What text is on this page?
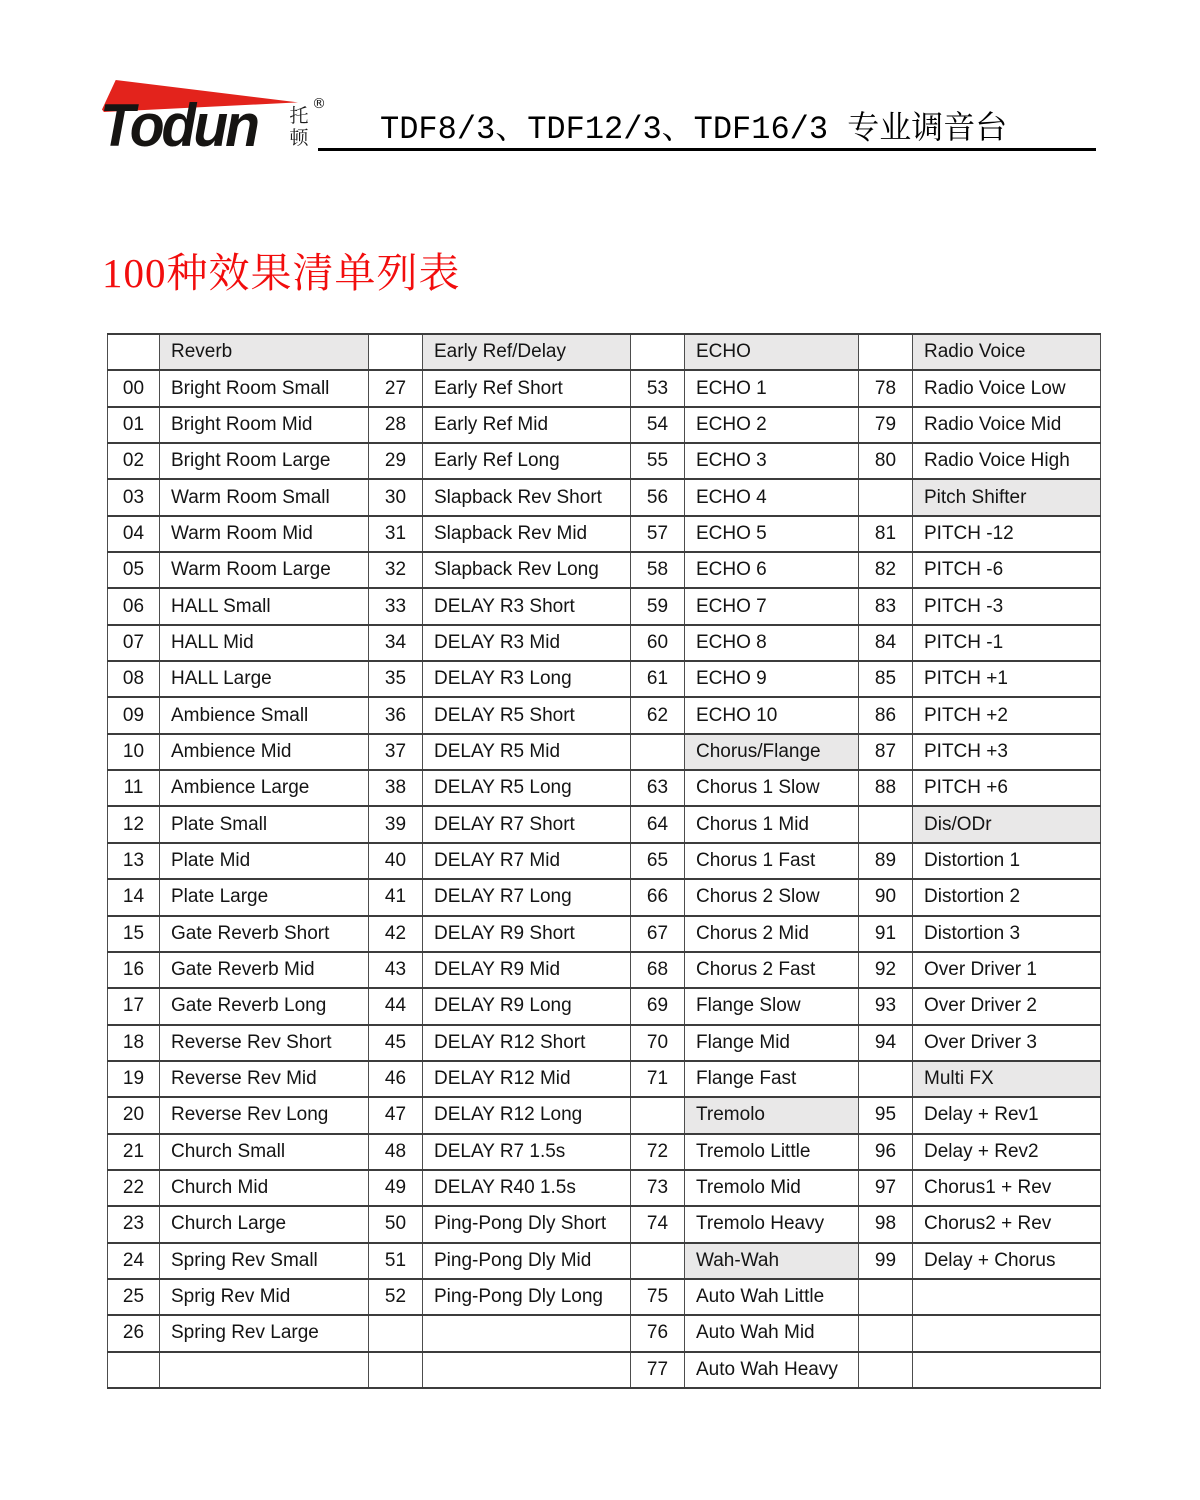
Todun 托
顿
®
TDF8/3、TDF12/3、TDF16/3 专业调音台
100种效果清单列表
	Reverb		Early Ref/Delay		ECHO		Radio Voice
00	Bright Room Small	27	Early Ref Short	53	ECHO 1	78	Radio Voice Low
01	Bright Room Mid	28	Early Ref Mid	54	ECHO 2	79	Radio Voice Mid
02	Bright Room Large	29	Early Ref Long	55	ECHO 3	80	Radio Voice High
03	Warm Room Small	30	Slapback Rev Short	56	ECHO 4		Pitch Shifter
04	Warm Room Mid	31	Slapback Rev Mid	57	ECHO 5	81	PITCH -12
05	Warm Room Large	32	Slapback Rev Long	58	ECHO 6	82	PITCH -6
06	HALL Small	33	DELAY R3 Short	59	ECHO 7	83	PITCH -3
07	HALL Mid	34	DELAY R3 Mid	60	ECHO 8	84	PITCH -1
08	HALL Large	35	DELAY R3 Long	61	ECHO 9	85	PITCH +1
09	Ambience Small	36	DELAY R5 Short	62	ECHO 10	86	PITCH +2
10	Ambience Mid	37	DELAY R5 Mid		Chorus/Flange	87	PITCH +3
11	Ambience Large	38	DELAY R5 Long	63	Chorus 1 Slow	88	PITCH +6
12	Plate Small	39	DELAY R7 Short	64	Chorus 1 Mid		Dis/ODr
13	Plate Mid	40	DELAY R7 Mid	65	Chorus 1 Fast	89	Distortion 1
14	Plate Large	41	DELAY R7 Long	66	Chorus 2 Slow	90	Distortion 2
15	Gate Reverb Short	42	DELAY R9 Short	67	Chorus 2 Mid	91	Distortion 3
16	Gate Reverb Mid	43	DELAY R9 Mid	68	Chorus 2 Fast	92	Over Driver 1
17	Gate Reverb Long	44	DELAY R9 Long	69	Flange Slow	93	Over Driver 2
18	Reverse Rev Short	45	DELAY R12 Short	70	Flange Mid	94	Over Driver 3
19	Reverse Rev Mid	46	DELAY R12 Mid	71	Flange Fast		Multi FX
20	Reverse Rev Long	47	DELAY R12 Long		Tremolo	95	Delay + Rev1
21	Church Small	48	DELAY R7 1.5s	72	Tremolo Little	96	Delay + Rev2
22	Church Mid	49	DELAY R40 1.5s	73	Tremolo Mid	97	Chorus1 + Rev
23	Church Large	50	Ping-Pong Dly Short	74	Tremolo Heavy	98	Chorus2 + Rev
24	Spring Rev Small	51	Ping-Pong Dly Mid		Wah-Wah	99	Delay + Chorus
25	Sprig Rev Mid	52	Ping-Pong Dly Long	75	Auto Wah Little		
26	Spring Rev Large			76	Auto Wah Mid		
				77	Auto Wah Heavy		
